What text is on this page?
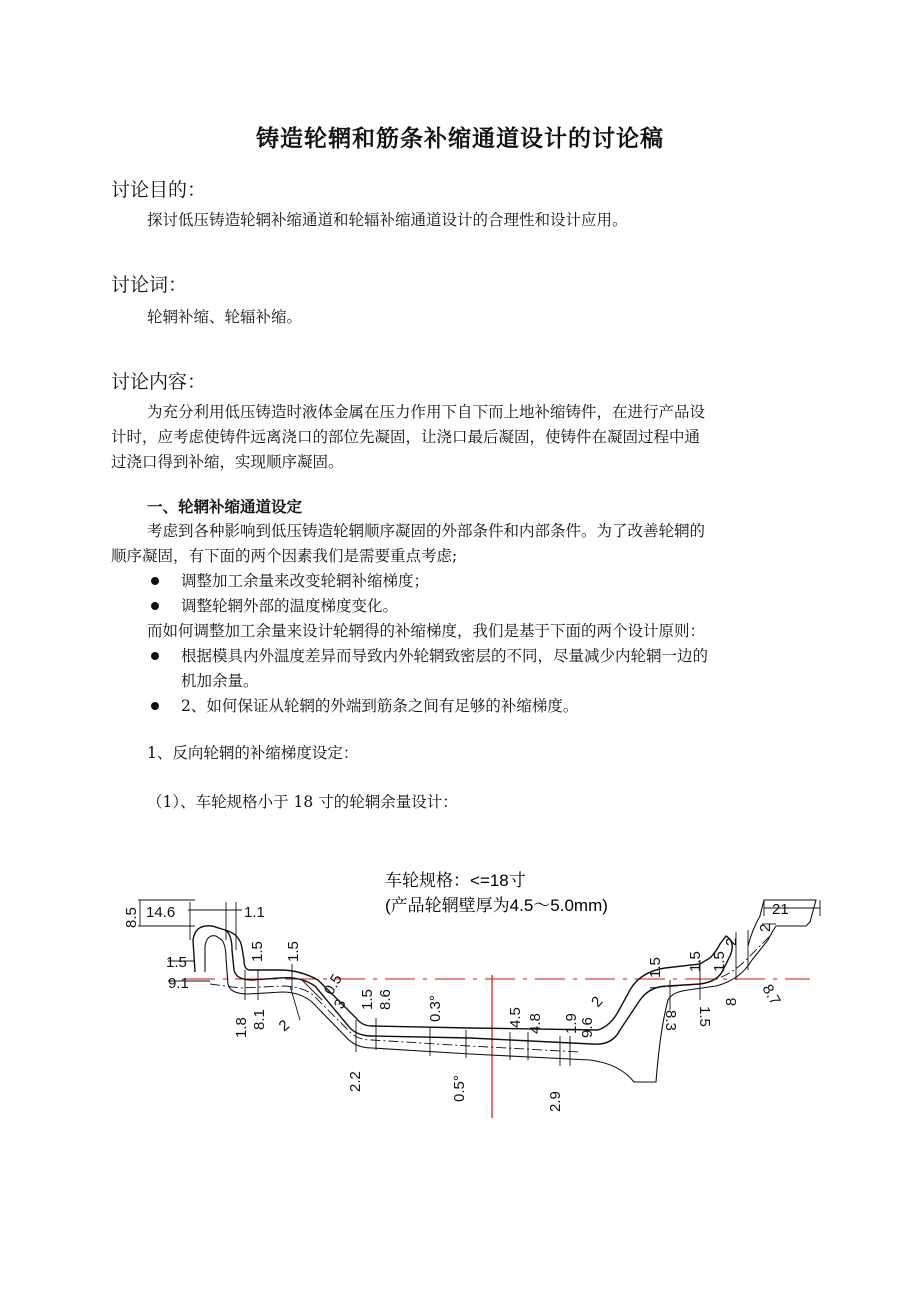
铸造轮辋和筋条补缩通道设计的讨论稿
讨论目的：
探讨低压铸造轮辋补缩通道和轮辐补缩通道设计的合理性和设计应用。
讨论词：
轮辋补缩、轮辐补缩。
讨论内容：
为充分利用低压铸造时液体金属在压力作用下自下而上地补缩铸件，在进行产品设
计时，应考虑使铸件远离浇口的部位先凝固，让浇口最后凝固，使铸件在凝固过程中通
过浇口得到补缩，实现顺序凝固。
一、轮辋补缩通道设定
考虑到各种影响到低压铸造轮辋顺序凝固的外部条件和内部条件。为了改善轮辋的
顺序凝固，有下面的两个因素我们是需要重点考虑;
调整加工余量来改变轮辋补缩梯度；
调整轮辋外部的温度梯度变化。
而如何调整加工余量来设计轮辋得的补缩梯度，我们是基于下面的两个设计原则：
根据模具内外温度差异而导致内外轮辋致密层的不同，尽量减少内轮辋一边的
机加余量。
2、如何保证从轮辋的外端到筋条之间有足够的补缩梯度。
1、反向轮辋的补缩梯度设定：
（1）、车轮规格小于 18 寸的轮辋余量设计：
车轮规格：<=18寸
(产品轮辋壁厚为4.5～5.0mm)
8.5 14.6	1.1
1.5
9.1
1.5 1.5
1.8 8.1 2
1.5 8.6 0.3°
2.2	0.5°
4.5 4.8 1.9 9.6
2.9
2
1.5
8.3 1.5
1.5
2
1.5
8 8.7
21
2
0.5
3
